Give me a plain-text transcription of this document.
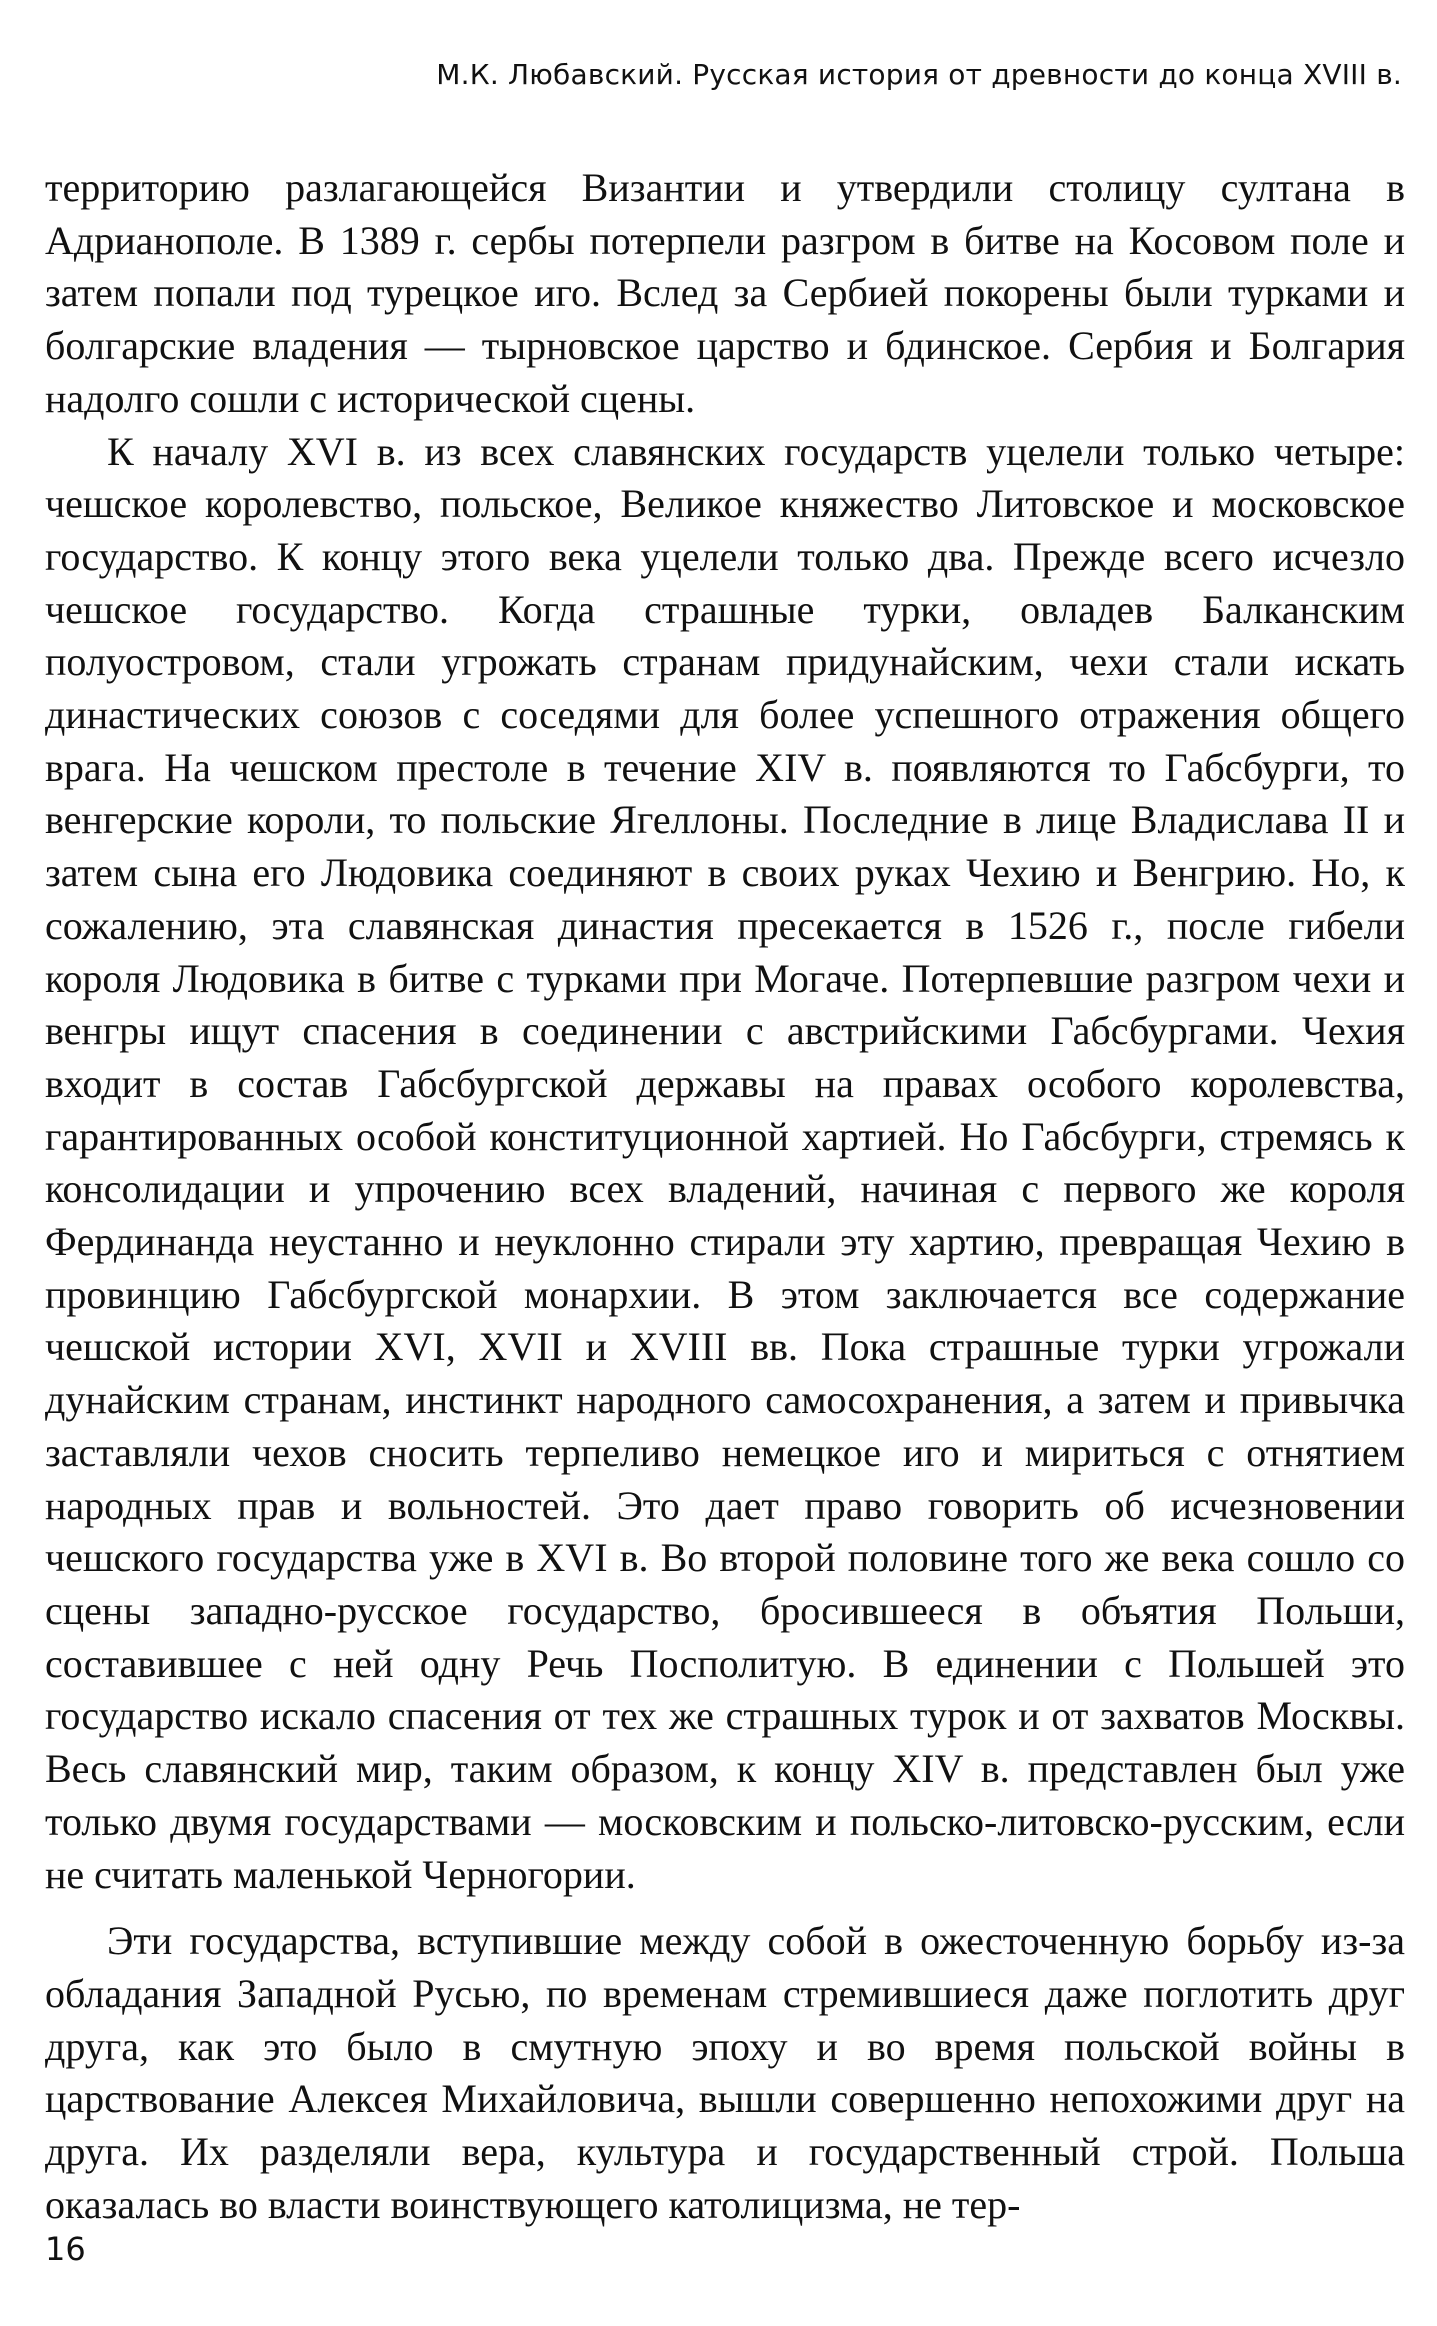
М.К. Любавский. Русская история от древности до конца XVIII в.

территорию разлагающейся Византии и утвердили столицу султана в Адрианополе. В 1389 г. сербы потерпели разгром в битве на Косовом поле и затем попали под турецкое иго. Вслед за Сербией покорены были турками и болгарские владения — тырновское царство и бдинское. Сербия и Болгария надолго сошли с исторической сцены.

К началу XVI в. из всех славянских государств уцелели только четыре: чешское королевство, польское, Великое княжество Литовское и московское государство. К концу этого века уцелели только два. Прежде всего исчезло чешское государство. Когда страшные турки, овладев Балканским полуостровом, стали угрожать странам придунайским, чехи стали искать династических союзов с соседями для более успешного отражения общего врага. На чешском престоле в течение XIV в. появляются то Габсбурги, то венгерские короли, то польские Ягеллоны. Последние в лице Владислава II и затем сына его Людовика соединяют в своих руках Чехию и Венгрию. Но, к сожалению, эта славянская династия пресекается в 1526 г., после гибели короля Людовика в битве с турками при Могаче. Потерпевшие разгром чехи и венгры ищут спасения в соединении с австрийскими Габсбургами. Чехия входит в состав Габсбургской державы на правах особого королевства, гарантированных особой конституционной хартией. Но Габсбурги, стремясь к консолидации и упрочению всех владений, начиная с первого же короля Фердинанда неустанно и неуклонно стирали эту хартию, превращая Чехию в провинцию Габсбургской монархии. В этом заключается все содержание чешской истории XVI, XVII и XVIII вв. Пока страшные турки угрожали дунайским странам, инстинкт народного самосохранения, а затем и привычка заставляли чехов сносить терпеливо немецкое иго и мириться с отнятием народных прав и вольностей. Это дает право говорить об исчезновении чешского государства уже в XVI в. Во второй половине того же века сошло со сцены западно-русское государство, бросившееся в объятия Польши, составившее с ней одну Речь Посполитую. В единении с Польшей это государство искало спасения от тех же страшных турок и от захватов Москвы. Весь славянский мир, таким образом, к концу XIV в. представлен был уже только двумя государствами — московским и польско-литовско-русским, если не считать маленькой Черногории.

Эти государства, вступившие между собой в ожесточенную борьбу из-за обладания Западной Русью, по временам стремившиеся даже поглотить друг друга, как это было в смутную эпоху и во время польской войны в царствование Алексея Михайловича, вышли совершенно непохожими друг на друга. Их разделяли вера, культура и государственный строй. Польша оказалась во власти воинствующего католицизма, не тер-

16
